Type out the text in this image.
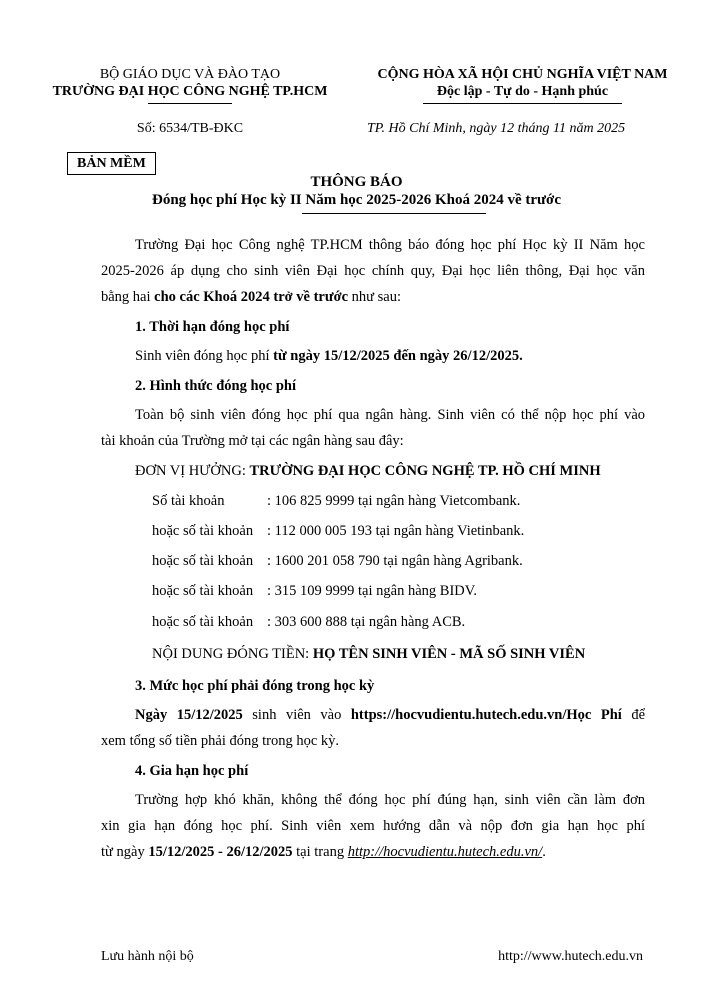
BỘ GIÁO DỤC VÀ ĐÀO TẠO
TRƯỜNG ĐẠI HỌC CÔNG NGHỆ TP.HCM
CỘNG HÒA XÃ HỘI CHỦ NGHĨA VIỆT NAM
Độc lập - Tự do - Hạnh phúc
Số: 6534/TB-ĐKC	TP. Hồ Chí Minh, ngày 12 tháng 11 năm 2025
BẢN MỀM
THÔNG BÁO
Đóng học phí Học kỳ II Năm học 2025-2026 Khoá 2024 về trước
Trường Đại học Công nghệ TP.HCM thông báo đóng học phí Học kỳ II Năm học
2025-2026 áp dụng cho sinh viên Đại học chính quy, Đại học liên thông, Đại học văn
bằng hai cho các Khoá 2024 trở về trước như sau:
1. Thời hạn đóng học phí
Sinh viên đóng học phí từ ngày 15/12/2025 đến ngày 26/12/2025.
2. Hình thức đóng học phí
Toàn bộ sinh viên đóng học phí qua ngân hàng. Sinh viên có thể nộp học phí vào
tài khoản của Trường mở tại các ngân hàng sau đây:
ĐƠN VỊ HƯỞNG: TRƯỜNG ĐẠI HỌC CÔNG NGHỆ TP. HỒ CHÍ MINH
Số tài khoản	: 106 825 9999 tại ngân hàng Vietcombank.
hoặc số tài khoản : 112 000 005 193 tại ngân hàng Vietinbank.
hoặc số tài khoản : 1600 201 058 790 tại ngân hàng Agribank.
hoặc số tài khoản : 315 109 9999 tại ngân hàng BIDV.
hoặc số tài khoản : 303 600 888 tại ngân hàng ACB.
NỘI DUNG ĐÓNG TIỀN: HỌ TÊN SINH VIÊN - MÃ SỐ SINH VIÊN
3. Mức học phí phải đóng trong học kỳ
Ngày 15/12/2025 sinh viên vào https://hocvudientu.hutech.edu.vn/Học Phí để
xem tổng số tiền phải đóng trong học kỳ.
4. Gia hạn học phí
Trường hợp khó khăn, không thể đóng học phí đúng hạn, sinh viên cần làm đơn
xin gia hạn đóng học phí. Sinh viên xem hướng dẫn và nộp đơn gia hạn học phí
từ ngày 15/12/2025 - 26/12/2025 tại trang http://hocvudientu.hutech.edu.vn/.
Lưu hành nội bộ	http://www.hutech.edu.vn
